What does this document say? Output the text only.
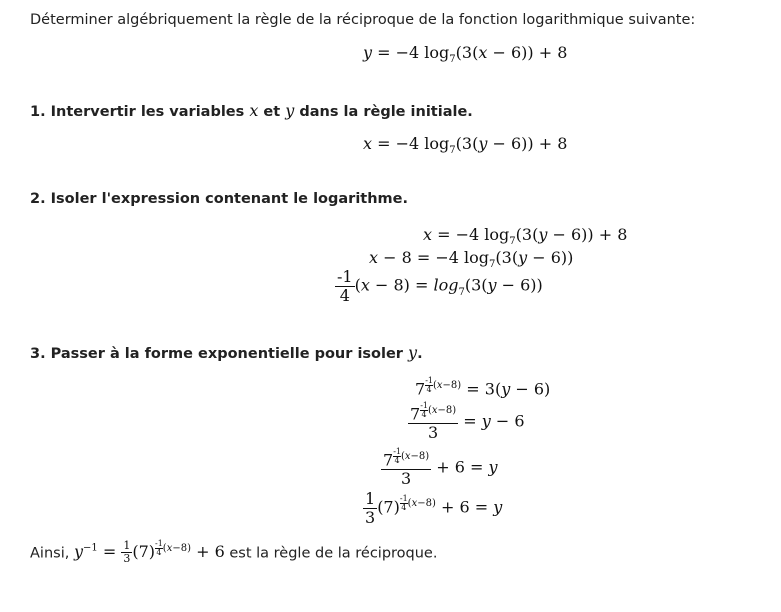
Déterminer algébriquement la règle de la réciproque de la fonction logarithmique suivante:
y = −4 $\log_7(3(x - 6)) + 8$
1. Intervertir les variables x et y dans la règle initiale.
x = −4 $\log_7(3(y - 6)) + 8$
2. Isoler l'expression contenant le logarithme.
x = −4 $\log_7(3(y - 6)) + 8$
x − 8 = −4 $\log_7(3(y - 6))$
$\frac{-1}{4} (x - 8) = \log_7(3(y - 6))$
3. Passer à la forme exponentielle pour isoler y.
7 $^{\frac{-1}{4} (x-8)}$ = 3(y − 6)
7 $^{\frac{-1}{4} (x-8)}$
3 = y − 6
7 $^{\frac{-1}{4} (x-8)}$
3 + 6 = y
$\frac{1}{3} (7) ^{\frac{-1}{4} (x-8)} + 6 = y$
Ainsi, $y^{-1} = \frac{1}{3} (7) ^{\frac{-1}{4} (x-8)} + 6$ est la règle de la réciproque.
